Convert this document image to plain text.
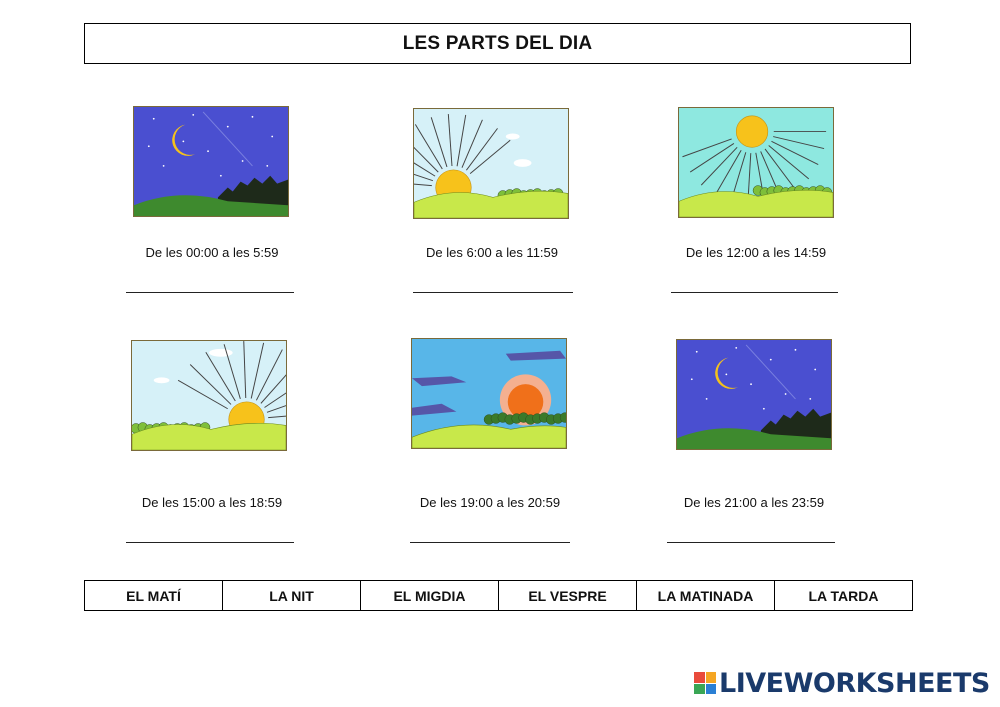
LES PARTS DEL DIA
De les 00:00 a les 5:59	De les 6:00 a les 11:59	De les 12:00 a les 14:59
De les 15:00 a les 18:59	De les 19:00 a les 20:59	De les 21:00 a les 23:59
EL MATÍ	LA NIT	EL MIGDIA	EL VESPRE	LA MATINADA	LA TARDA
LIVEWORKSHEETS
